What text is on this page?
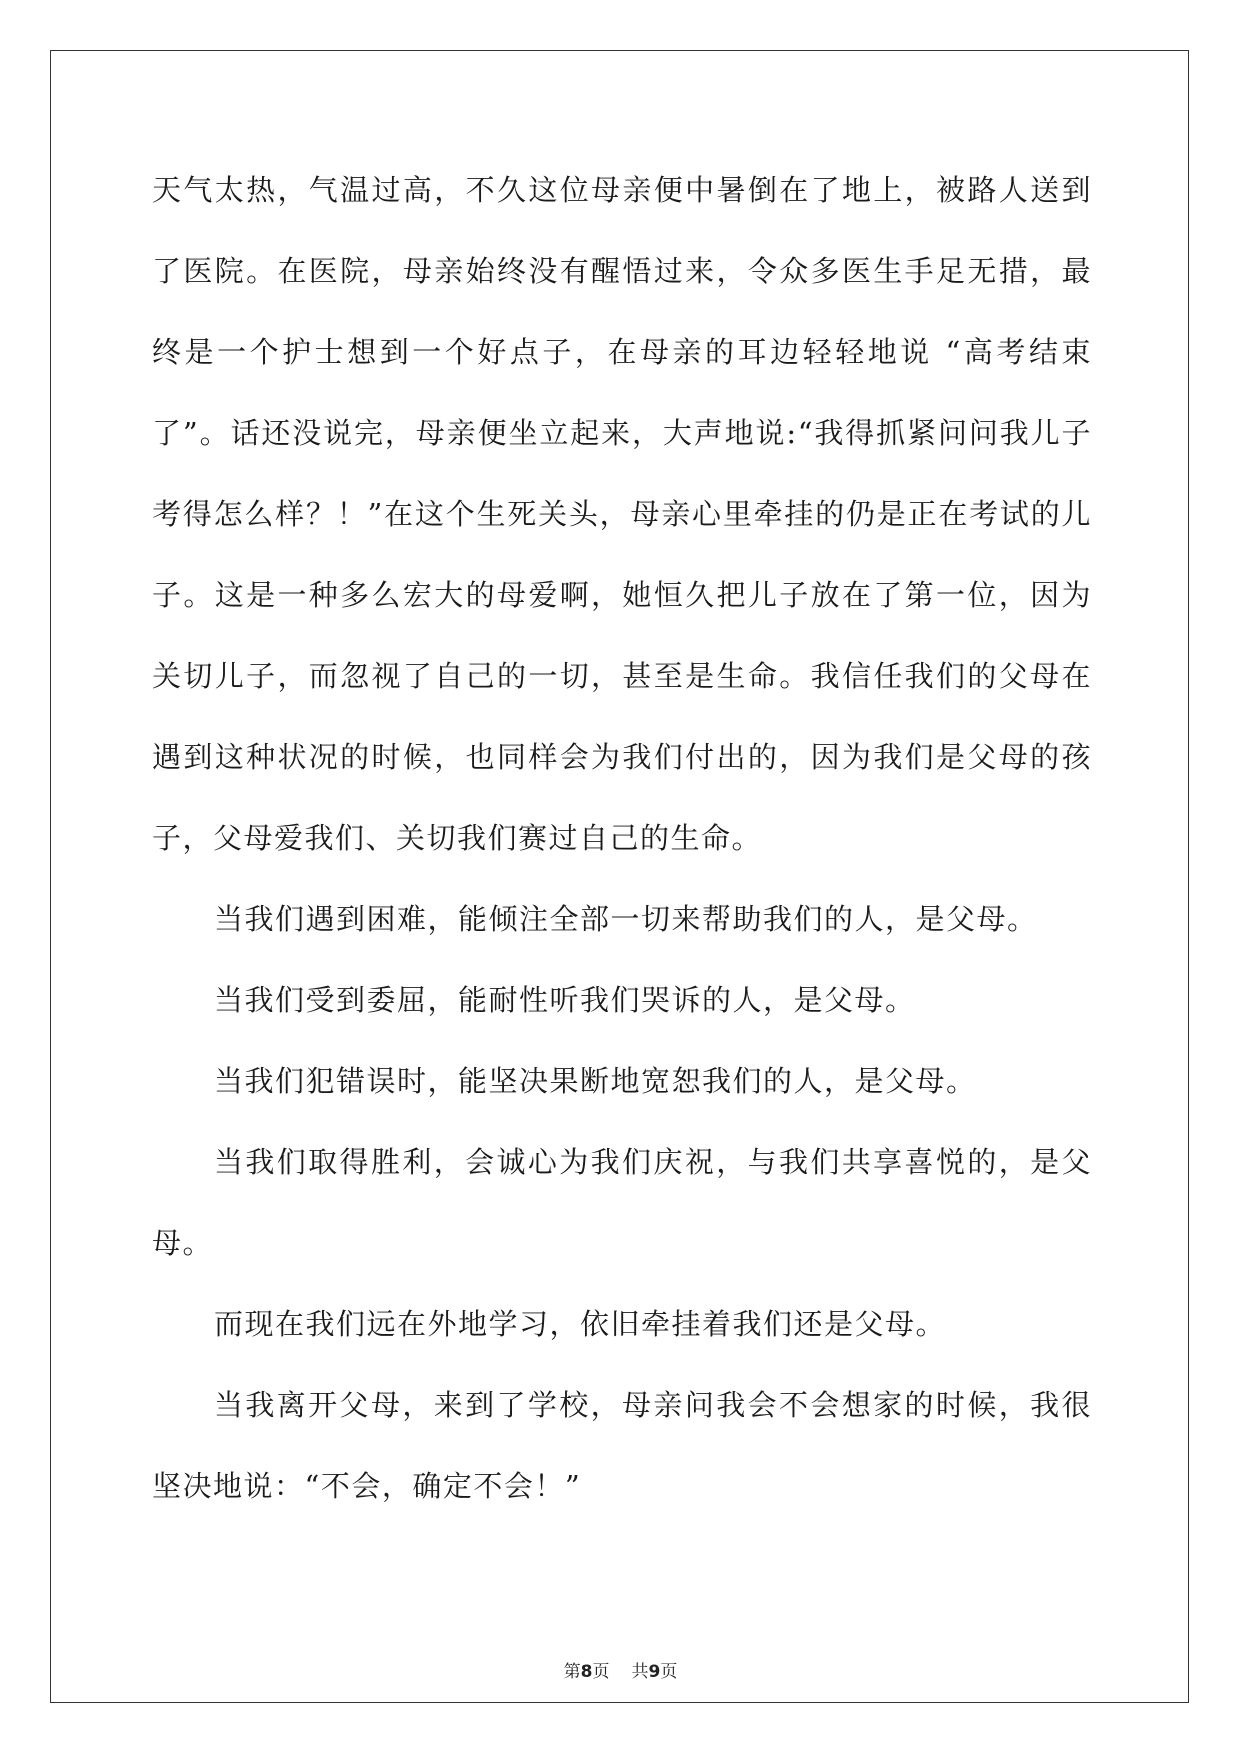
天气太热，气温过高，不久这位母亲便中暑倒在了地上，被路人送到了医院。在医院，母亲始终没有醒悟过来，令众多医生手足无措，最终是一个护士想到一个好点子，在母亲的耳边轻轻地说 “高考结束了”。话还没说完，母亲便坐立起来，大声地说:“我得抓紧问问我儿子考得怎么样？！”在这个生死关头，母亲心里牵挂的仍是正在考试的儿子。这是一种多么宏大的母爱啊，她恒久把儿子放在了第一位，因为关切儿子，而忽视了自己的一切，甚至是生命。我信任我们的父母在遇到这种状况的时候，也同样会为我们付出的，因为我们是父母的孩子，父母爱我们、关切我们赛过自己的生命。

当我们遇到困难，能倾注全部一切来帮助我们的人，是父母。

当我们受到委屈，能耐性听我们哭诉的人，是父母。

当我们犯错误时，能坚决果断地宽恕我们的人，是父母。

当我们取得胜利，会诚心为我们庆祝，与我们共享喜悦的，是父母。

而现在我们远在外地学习，依旧牵挂着我们还是父母。

当我离开父母，来到了学校，母亲问我会不会想家的时候，我很坚决地说：“不会，确定不会！”

第8页 共9页
